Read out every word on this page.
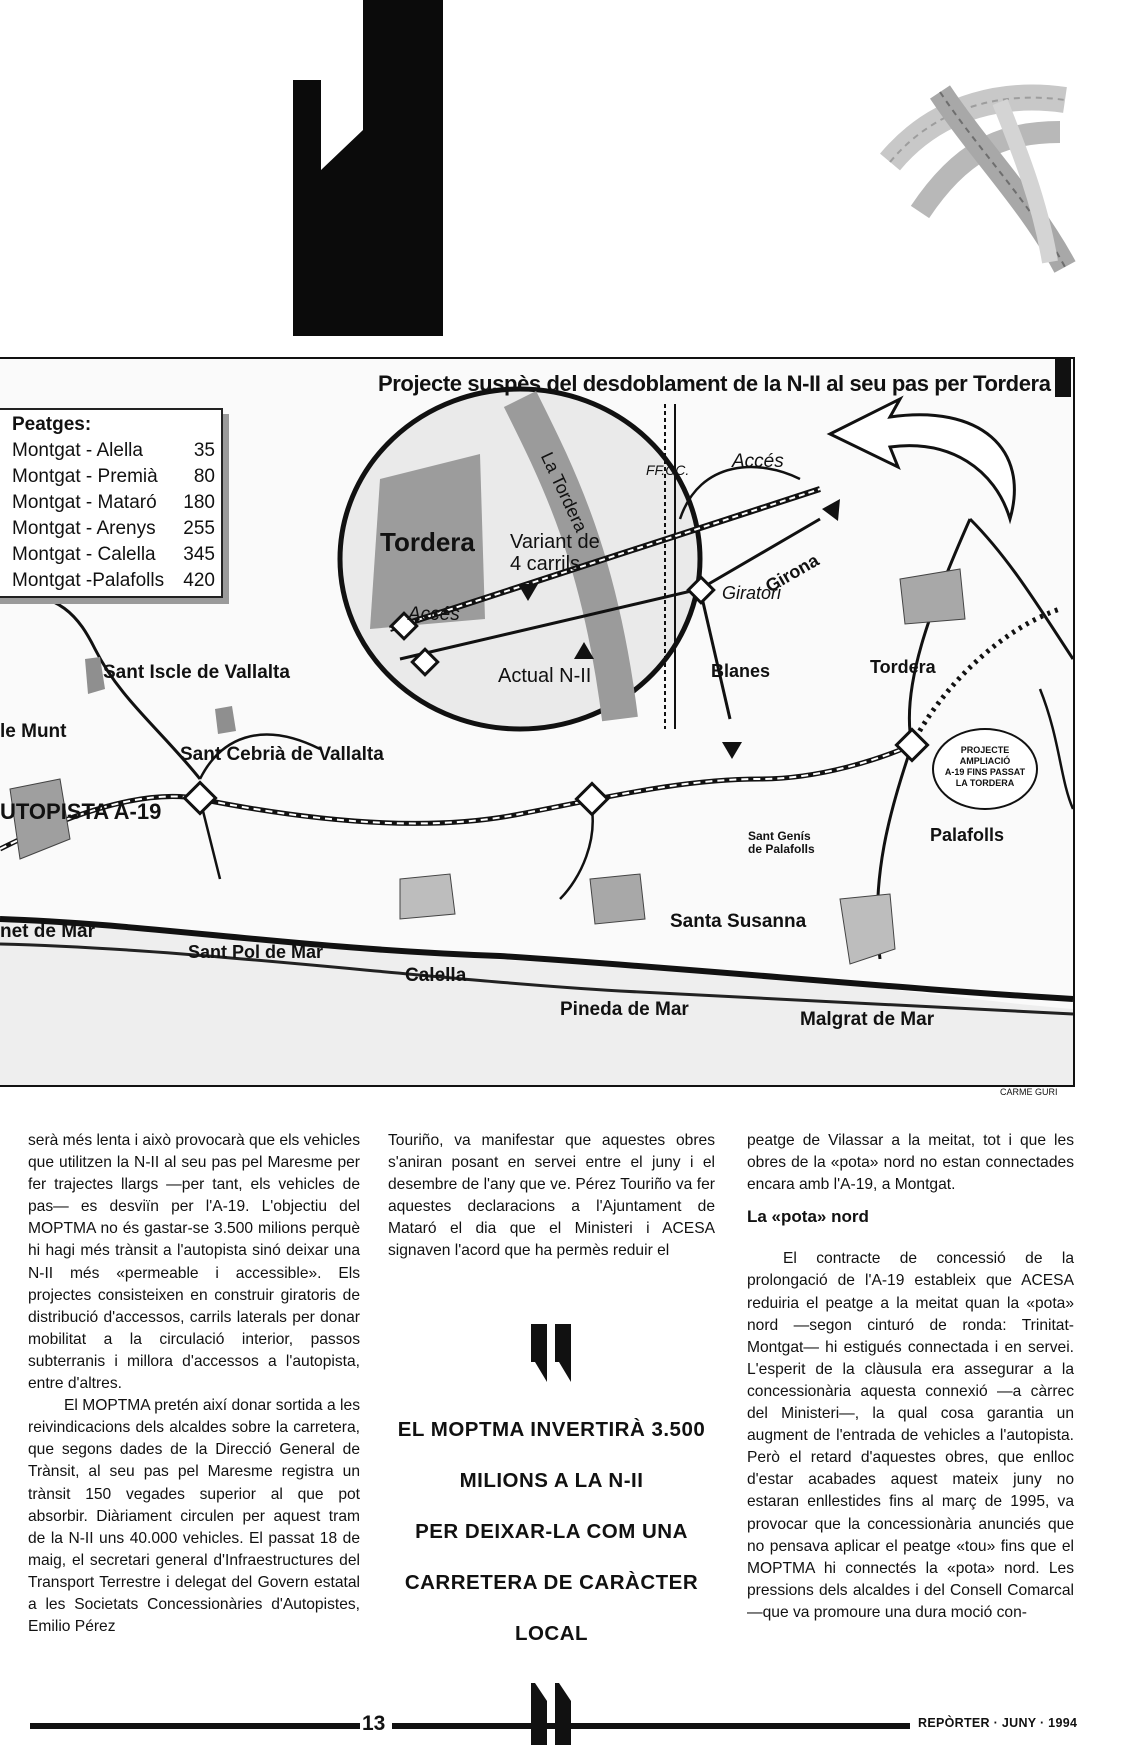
Projecte suspès del desdoblament de la N-II al seu pas per Tordera
Tordera
La Tordera	FF.CC. Accés
Accés
Variant de
4 carrils
Giratori
Girona
Actual N-II	Blanes
Sant Iscle de Vallalta
le Munt
Sant Cebrià de Vallalta
UTOPISTA A-19
net de Mar
Sant Pol de Mar
Calella
Pineda de Mar	Malgrat de Mar
Santa Susanna
Sant Genís
de Palafolls
Palafolls
Tordera
PROJECTE
AMPLIACIÓ
A-19 FINS PASSAT
LA TORDERA
CARME GURI
Peatges:
Montgat - Alella	35
Montgat - Premià 80
Montgat - Mataró 180
Montgat - Arenys 255
Montgat - Calella 345
Montgat -Palafolls 420

serà més lenta i això provocarà que els vehicles que utilitzen la N-II al seu pas pel Maresme per fer trajectes llargs —per tant, els vehicles de pas— es desviïn per l'A-19. L'objectiu del MOPTMA no és gastar-se 3.500 milions perquè hi hagi més trànsit a l'autopista sinó deixar una N-II més «permeable i accessible». Els projectes consisteixen en construir giratoris de distribució d'accessos, carrils laterals per donar mobilitat a la circulació interior, passos subterranis i millora d'accessos a l'autopista, entre d'altres.

El MOPTMA pretén així donar sortida a les reivindicacions dels alcaldes sobre la carretera, que segons dades de la Direcció General de Trànsit, al seu pas pel Maresme registra un trànsit 150 vegades superior al que pot absorbir. Diàriament circulen per aquest tram de la N-II uns 40.000 vehicles. El passat 18 de maig, el secretari general d'Infraestructures del Transport Terrestre i delegat del Govern estatal a les Societats Concessionàries d'Autopistes, Emilio Pérez

Touriño, va manifestar que aquestes obres s'aniran posant en servei entre el juny i el desembre de l'any que ve. Pérez Touriño va fer aquestes declaracions a l'Ajuntament de Mataró el dia que el Ministeri i ACESA signaven l'acord que ha permès reduir el

EL MOPTMA INVERTIRÀ 3.500
MILIONS A LA N-II
PER DEIXAR-LA COM UNA
CARRETERA DE CARÀCTER LOCAL

peatge de Vilassar a la meitat, tot i que les obres de la «pota» nord no estan connectades encara amb l'A-19, a Montgat.

La «pota» nord

El contracte de concessió de la prolongació de l'A-19 estableix que ACESA reduiria el peatge a la meitat quan la «pota» nord —segon cinturó de ronda: Trinitat-Montgat— hi estigués connectada i en servei. L'esperit de la clàusula era assegurar a la concessionària aquesta connexió —a càrrec del Ministeri—, la qual cosa garantia un augment de l'entrada de vehicles a l'autopista. Però el retard d'aquestes obres, que enlloc d'estar acabades aquest mateix juny no estaran enllestides fins al març de 1995, va provocar que la concessionària anunciés que no pensava aplicar el peatge «tou» fins que el MOPTMA hi connectés la «pota» nord. Les pressions dels alcaldes i del Consell Comarcal —que va promoure una dura moció con-

13	REPÒRTER · JUNY · 1994
